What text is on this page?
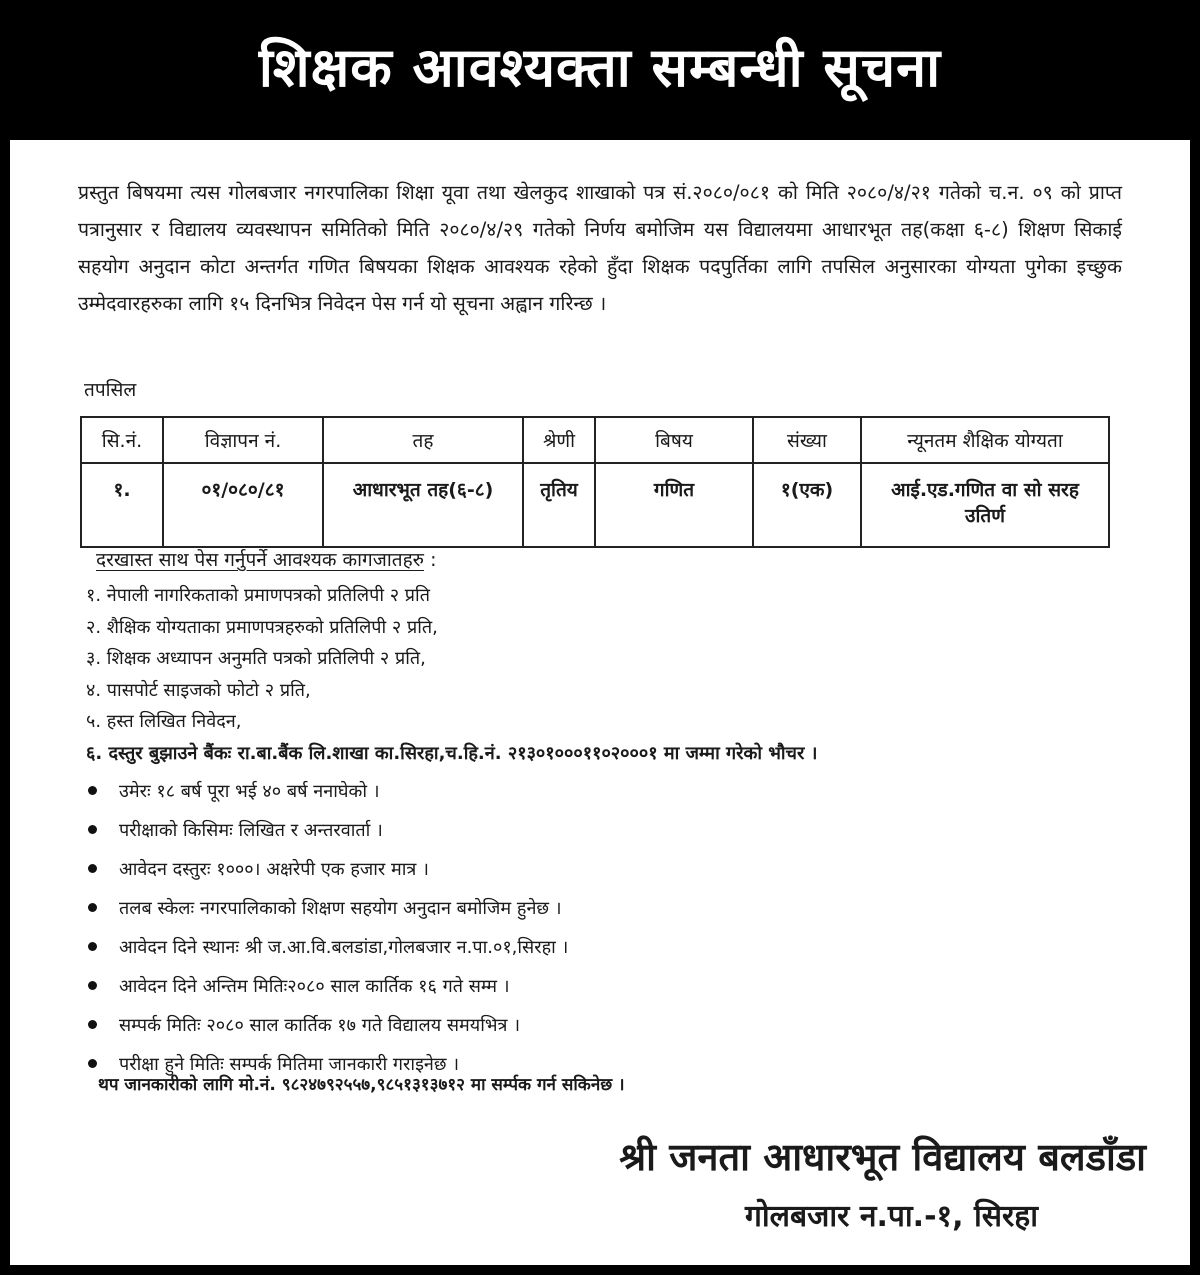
शिक्षक आवश्यक्ता सम्बन्धी सूचना

प्रस्तुत बिषयमा त्यस गोलबजार नगरपालिका शिक्षा यूवा तथा खेलकुद शाखाको पत्र सं.२०८०/०८१ को मिति २०८०/४/२१ गतेको च.न. ०९ को प्राप्त पत्रानुसार र विद्यालय व्यवस्थापन समितिको मिति २०८०/४/२९ गतेको निर्णय बमोजिम यस विद्यालयमा आधारभूत तह(कक्षा ६-८) शिक्षण सिकाई सहयोग अनुदान कोटा अन्तर्गत गणित बिषयका शिक्षक आवश्यक रहेको हुँदा शिक्षक पदपुर्तिका लागि तपसिल अनुसारका योग्यता पुगेका इच्छुक उम्मेदवारहरुका लागि १५ दिनभित्र निवेदन पेस गर्न यो सूचना अह्वान गरिन्छ ।

तपसिल
सि.नं.	विज्ञापन नं.	तह	श्रेणी	बिषय	संख्या	न्यूनतम शैक्षिक योग्यता
१.	०१/०८०/८१	आधारभूत तह(६-८)	तृतिय	गणित	१(एक)	आई.एड.गणित वा सो सरह उतिर्ण
दरखास्त साथ पेस गर्नुपर्ने आवश्यक कागजातहरु :
१. नेपाली नागरिकताको प्रमाणपत्रको प्रतिलिपी २ प्रति
२. शैक्षिक योग्यताका प्रमाणपत्रहरुको प्रतिलिपी २ प्रति,
३. शिक्षक अध्यापन अनुमति पत्रको प्रतिलिपी २ प्रति,
४. पासपोर्ट साइजको फोटो २ प्रति,
५. हस्त लिखित निवेदन,
६. दस्तुर बुझाउने बैंकः रा.बा.बैंक लि.शाखा का.सिरहा,च.हि.नं. २१३०१०००११०२०००१ मा जम्मा गरेको भौचर ।
उमेरः १८ बर्ष पूरा भई ४० बर्ष ननाघेको ।
परीक्षाको किसिमः लिखित र अन्तरवार्ता ।
आवेदन दस्तुरः १०००। अक्षरेपी एक हजार मात्र ।
तलब स्केलः नगरपालिकाको शिक्षण सहयोग अनुदान बमोजिम हुनेछ ।
आवेदन दिने स्थानः श्री ज.आ.वि.बलडांडा,गोलबजार न.पा.०१,सिरहा ।
आवेदन दिने अन्तिम मितिः२०८० साल कार्तिक १६ गते सम्म ।
सम्पर्क मितिः २०८० साल कार्तिक १७ गते विद्यालय समयभित्र ।
परीक्षा हुने मितिः सम्पर्क मितिमा जानकारी गराइनेछ ।
थप जानकारीको लागि मो.नं. ९८२४७९२५५७,९८५१३१३७१२ मा सर्म्पक गर्न सकिनेछ ।
श्री जनता आधारभूत विद्यालय बलडाँडा
गोलबजार न.पा.-१, सिरहा
